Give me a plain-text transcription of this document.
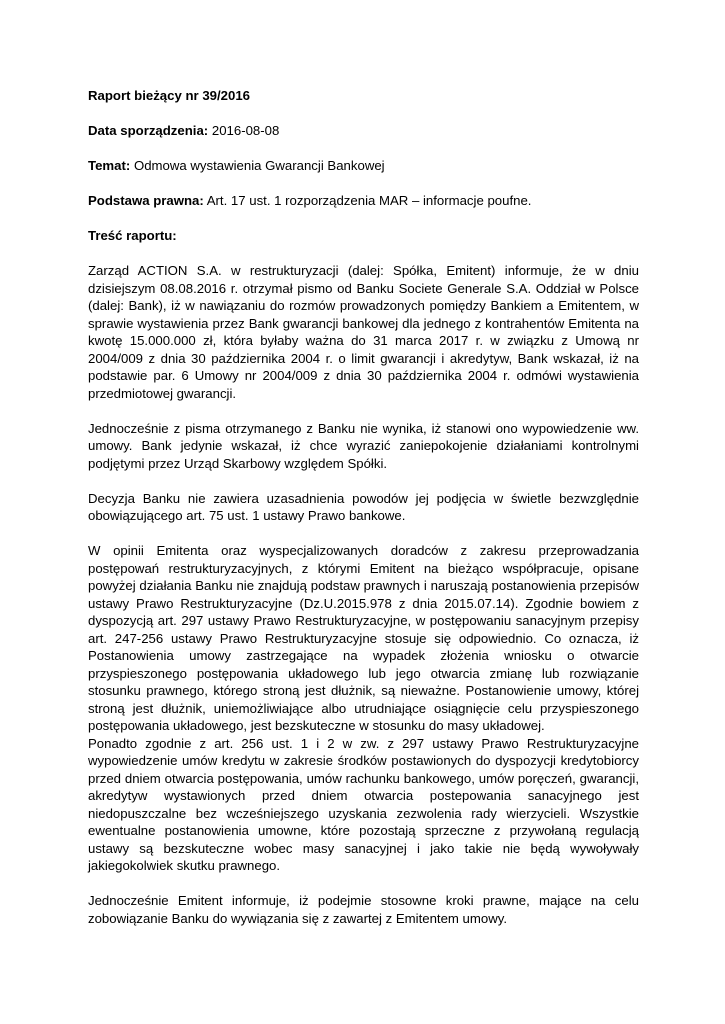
Raport bieżący nr 39/2016
Data sporządzenia: 2016-08-08
Temat: Odmowa wystawienia Gwarancji Bankowej
Podstawa prawna: Art. 17 ust. 1 rozporządzenia MAR – informacje poufne.
Treść raportu:

Zarząd ACTION S.A. w restrukturyzacji (dalej: Spółka, Emitent) informuje, że w dniu dzisiejszym 08.08.2016 r. otrzymał pismo od Banku Societe Generale S.A. Oddział w Polsce (dalej: Bank), iż w nawiązaniu do rozmów prowadzonych pomiędzy Bankiem a Emitentem, w sprawie wystawienia przez Bank gwarancji bankowej dla jednego z kontrahentów Emitenta na kwotę 15.000.000 zł, która byłaby ważna do 31 marca 2017 r. w związku z Umową nr 2004/009 z dnia 30 października 2004 r. o limit gwarancji i akredytyw, Bank wskazał, iż na podstawie par. 6 Umowy nr 2004/009 z dnia 30 października 2004 r. odmówi wystawienia przedmiotowej gwarancji.

Jednocześnie z pisma otrzymanego z Banku nie wynika, iż stanowi ono wypowiedzenie ww. umowy. Bank jedynie wskazał, iż chce wyrazić zaniepokojenie działaniami kontrolnymi podjętymi przez Urząd Skarbowy względem Spółki.

Decyzja Banku nie zawiera uzasadnienia powodów jej podjęcia w świetle bezwzględnie obowiązującego art. 75 ust. 1 ustawy Prawo bankowe.

W opinii Emitenta oraz wyspecjalizowanych doradców z zakresu przeprowadzania postępowań restrukturyzacyjnych, z którymi Emitent na bieżąco współpracuje, opisane powyżej działania Banku nie znajdują podstaw prawnych i naruszają postanowienia przepisów ustawy Prawo Restrukturyzacyjne (Dz.U.2015.978 z dnia 2015.07.14). Zgodnie bowiem z dyspozycją art. 297 ustawy Prawo Restrukturyzacyjne, w postępowaniu sanacyjnym przepisy art. 247-256 ustawy Prawo Restrukturyzacyjne stosuje się odpowiednio. Co oznacza, iż Postanowienia umowy zastrzegające na wypadek złożenia wniosku o otwarcie przyspieszonego postępowania układowego lub jego otwarcia zmianę lub rozwiązanie stosunku prawnego, którego stroną jest dłużnik, są nieważne. Postanowienie umowy, której stroną jest dłużnik, uniemożliwiające albo utrudniające osiągnięcie celu przyspieszonego postępowania układowego, jest bezskuteczne w stosunku do masy układowej.

Ponadto zgodnie z art. 256 ust. 1 i 2 w zw. z 297 ustawy Prawo Restrukturyzacyjne wypowiedzenie umów kredytu w zakresie środków postawionych do dyspozycji kredytobiorcy przed dniem otwarcia postępowania, umów rachunku bankowego, umów poręczeń, gwarancji, akredytyw wystawionych przed dniem otwarcia postepowania sanacyjnego jest niedopuszczalne bez wcześniejszego uzyskania zezwolenia rady wierzycieli. Wszystkie ewentualne postanowienia umowne, które pozostają sprzeczne z przywołaną regulacją ustawy są bezskuteczne wobec masy sanacyjnej i jako takie nie będą wywoływały jakiegokolwiek skutku prawnego.

Jednocześnie Emitent informuje, iż podejmie stosowne kroki prawne, mające na celu zobowiązanie Banku do wywiązania się z zawartej z Emitentem umowy.
